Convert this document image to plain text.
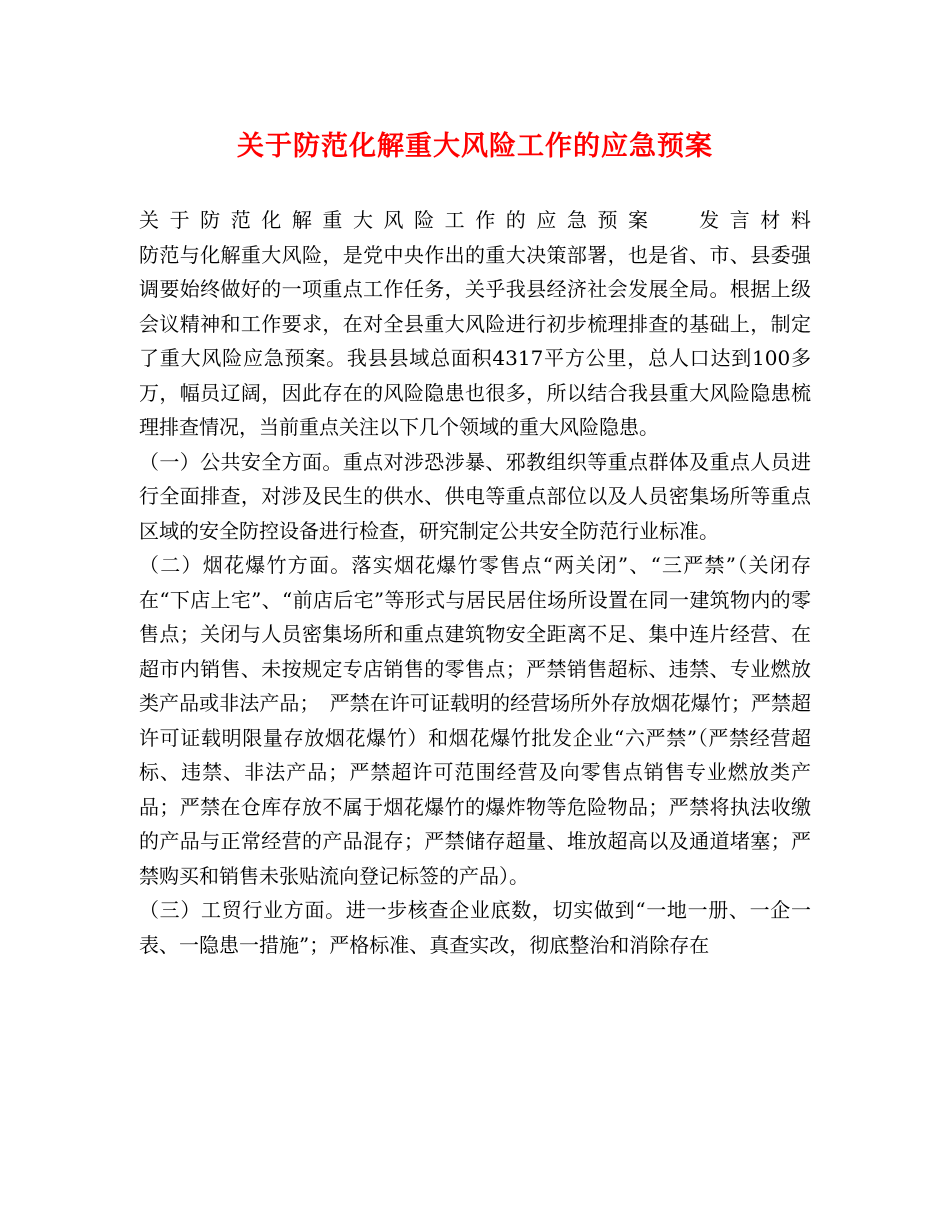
关于防范化解重大风险工作的应急预案
关 于 防 范 化 解 重 大 风 险 工 作 的 应 急 预 案	发 言 材 料

防范与化解重大风险，是党中央作出的重大决策部署，也是省、市、县委强调要始终做好的一项重点工作任务，关乎我县经济社会发展全局。根据上级会议精神和工作要求，在对全县重大风险进行初步梳理排查的基础上，制定了重大风险应急预案。我县县域总面积4317平方公里，总人口达到100多万，幅员辽阔，因此存在的风险隐患也很多，所以结合我县重大风险隐患梳理排查情况，当前重点关注以下几个领域的重大风险隐患。

（一）公共安全方面。重点对涉恐涉暴、邪教组织等重点群体及重点人员进行全面排查，对涉及民生的供水、供电等重点部位以及人员密集场所等重点区域的安全防控设备进行检查，研究制定公共安全防范行业标准。

（二）烟花爆竹方面。落实烟花爆竹零售点“两关闭”、“三严禁”（关闭存在“下店上宅”、“前店后宅”等形式与居民居住场所设置在同一建筑物内的零售点；关闭与人员密集场所和重点建筑物安全距离不足、集中连片经营、在超市内销售、未按规定专店销售的零售点；严禁销售超标、违禁、专业燃放类产品或非法产品；　严禁在许可证载明的经营场所外存放烟花爆竹；严禁超许可证载明限量存放烟花爆竹）和烟花爆竹批发企业“六严禁”（严禁经营超标、违禁、非法产品；严禁超许可范围经营及向零售点销售专业燃放类产品；严禁在仓库存放不属于烟花爆竹的爆炸物等危险物品；严禁将执法收缴的产品与正常经营的产品混存；严禁储存超量、堆放超高以及通道堵塞；严禁购买和销售未张贴流向登记标签的产品）。

（三）工贸行业方面。进一步核查企业底数，切实做到“一地一册、一企一表、一隐患一措施”；严格标准、真查实改，彻底整治和消除存在
